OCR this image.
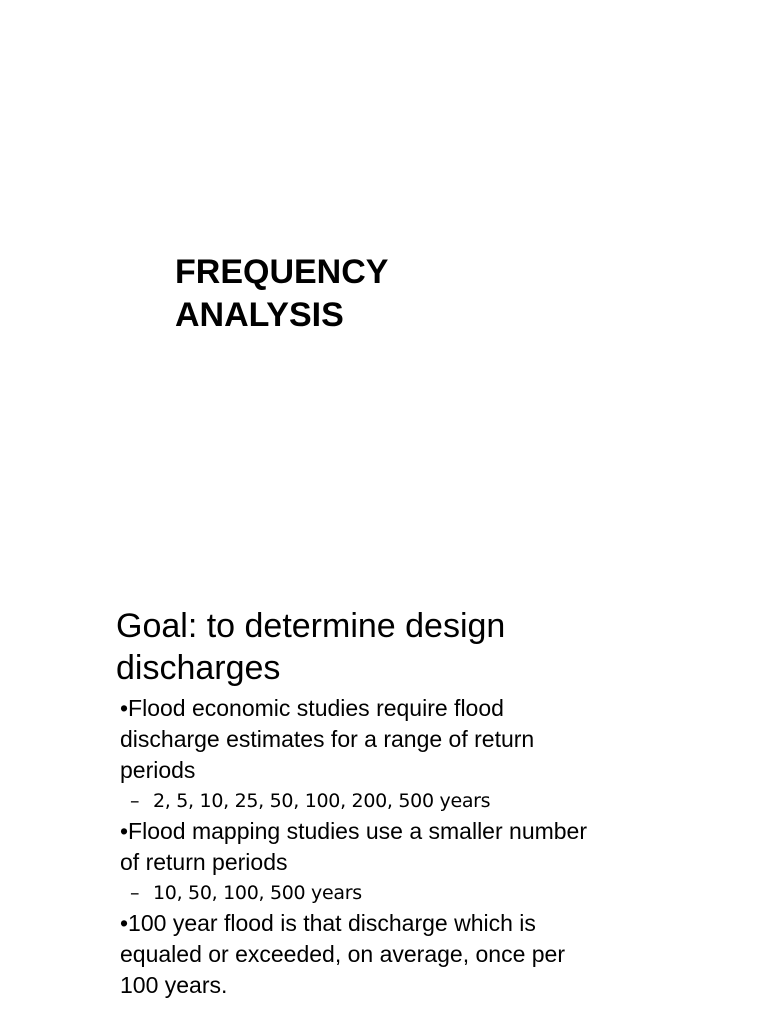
FREQUENCY
ANALYSIS
Goal: to determine design
discharges
•Flood economic studies require flood
discharge estimates for a range of return
periods
– 2, 5, 10, 25, 50, 100, 200, 500 years
•Flood mapping studies use a smaller number
of return periods
– 10, 50, 100, 500 years
•100 year flood is that discharge which is
equaled or exceeded, on average, once per
100 years.
